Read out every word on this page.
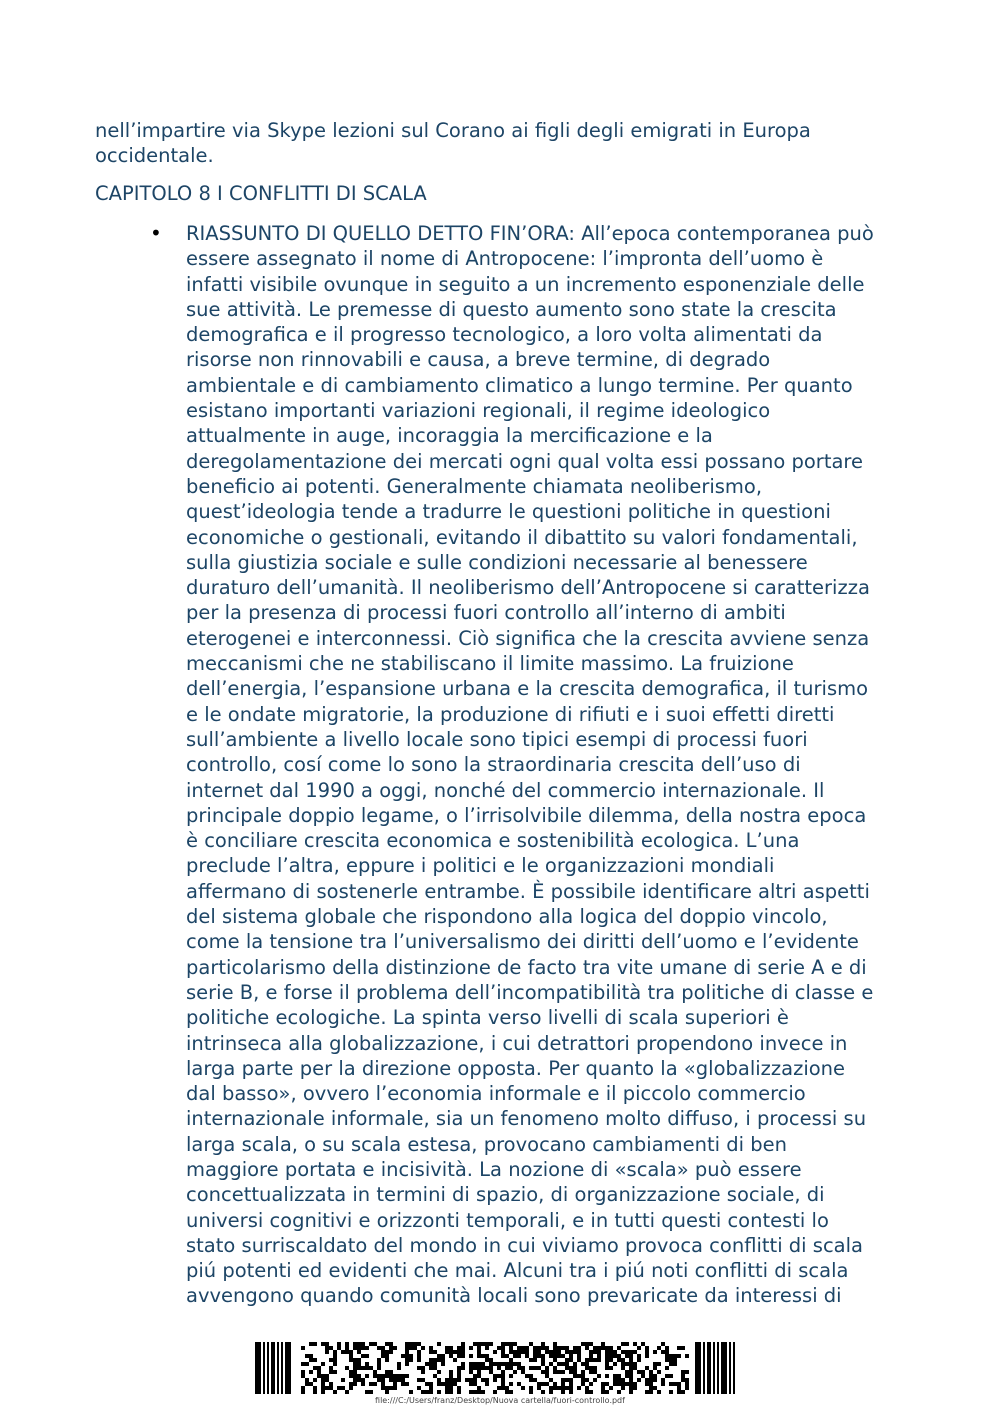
nell’impartire via Skype lezioni sul Corano ai figli degli emigrati in Europa
occidentale.
CAPITOLO 8 I CONFLITTI DI SCALA
•	RIASSUNTO DI QUELLO DETTO FIN’ORA: All’epoca contemporanea può
essere assegnato il nome di Antropocene: l’impronta dell’uomo è
infatti visibile ovunque in seguito a un incremento esponenziale delle
sue attività. Le premesse di questo aumento sono state la crescita
demografica e il progresso tecnologico, a loro volta alimentati da
risorse non rinnovabili e causa, a breve termine, di degrado
ambientale e di cambiamento climatico a lungo termine. Per quanto
esistano importanti variazioni regionali, il regime ideologico
attualmente in auge, incoraggia la mercificazione e la
deregolamentazione dei mercati ogni qual volta essi possano portare
beneficio ai potenti. Generalmente chiamata neoliberismo,
quest’ideologia tende a tradurre le questioni politiche in questioni
economiche o gestionali, evitando il dibattito su valori fondamentali,
sulla giustizia sociale e sulle condizioni necessarie al benessere
duraturo dell’umanità. Il neoliberismo dell’Antropocene si caratterizza
per la presenza di processi fuori controllo all’interno di ambiti
eterogenei e interconnessi. Ciò significa che la crescita avviene senza
meccanismi che ne stabiliscano il limite massimo. La fruizione
dell’energia, l’espansione urbana e la crescita demografica, il turismo
e le ondate migratorie, la produzione di rifiuti e i suoi effetti diretti
sull’ambiente a livello locale sono tipici esempi di processi fuori
controllo, cosí come lo sono la straordinaria crescita dell’uso di
internet dal 1990 a oggi, nonché del commercio internazionale. Il
principale doppio legame, o l’irrisolvibile dilemma, della nostra epoca
è conciliare crescita economica e sostenibilità ecologica. L’una
preclude l’altra, eppure i politici e le organizzazioni mondiali
affermano di sostenerle entrambe. È possibile identificare altri aspetti
del sistema globale che rispondono alla logica del doppio vincolo,
come la tensione tra l’universalismo dei diritti dell’uomo e l’evidente
particolarismo della distinzione de facto tra vite umane di serie A e di
serie B, e forse il problema dell’incompatibilità tra politiche di classe e
politiche ecologiche. La spinta verso livelli di scala superiori è
intrinseca alla globalizzazione, i cui detrattori propendono invece in
larga parte per la direzione opposta. Per quanto la «globalizzazione
dal basso», ovvero l’economia informale e il piccolo commercio
internazionale informale, sia un fenomeno molto diffuso, i processi su
larga scala, o su scala estesa, provocano cambiamenti di ben
maggiore portata e incisività. La nozione di «scala» può essere
concettualizzata in termini di spazio, di organizzazione sociale, di
universi cognitivi e orizzonti temporali, e in tutti questi contesti lo
stato surriscaldato del mondo in cui viviamo provoca conflitti di scala
piú potenti ed evidenti che mai. Alcuni tra i piú noti conflitti di scala
avvengono quando comunità locali sono prevaricate da interessi di
file:///C:/Users/franz/Desktop/Nuova cartella/fuori-controllo.pdf
